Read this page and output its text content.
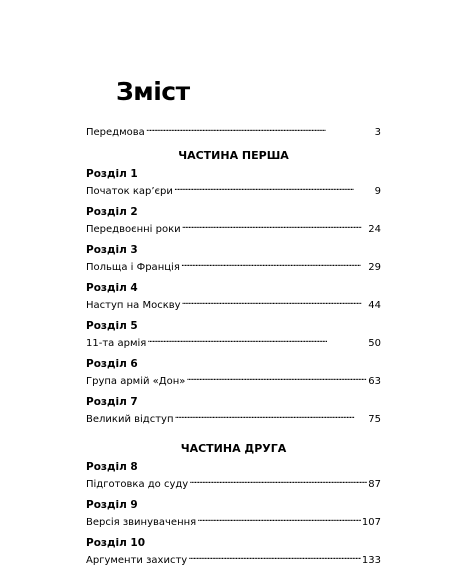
Зміст
Передмова . . .	3
ЧАСТИНА ПЕРША
Розділ 1
Початок кар’єри . . .	9
Розділ 2
Передвоєнні роки . . .	24
Розділ 3
Польща і Франція . . .	29
Розділ 4
Наступ на Москву . . .	44
Розділ 5
11-та армія . . .	50
Розділ 6
Група армій «Дон» . . .	63
Розділ 7
Великий відступ . . .	75
ЧАСТИНА ДРУГА
Розділ 8
Підготовка до суду . . .	87
Розділ 9
Версія звинувачення . . .	107
Розділ 10
Аргументи захисту . . .	133
